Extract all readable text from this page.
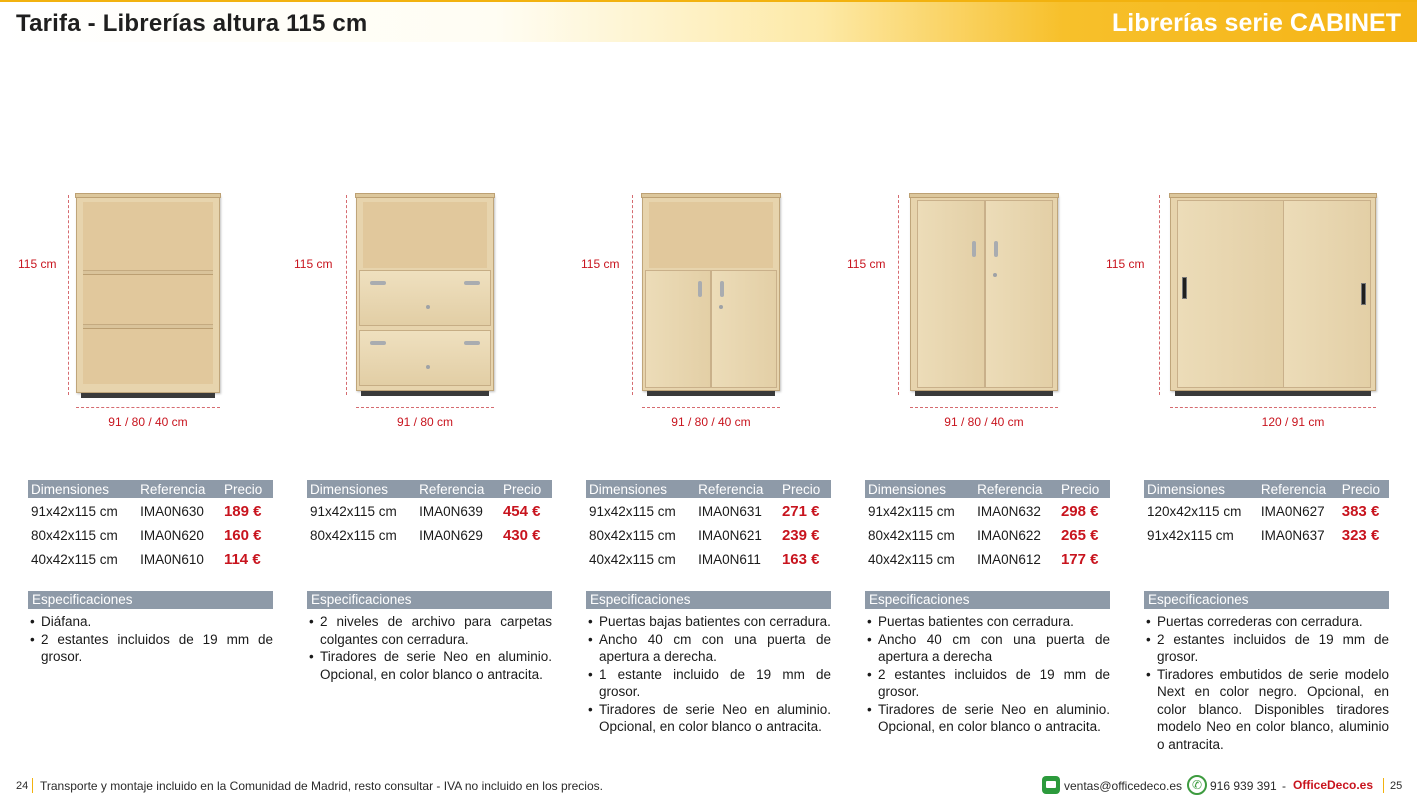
Tarifa - Librerías altura 115 cm	Librerías serie CABINET
115 cm
91 / 80 / 40 cm
Dimensiones	Referencia	Precio
91x42x115 cm	IMA0N630	189 €
80x42x115 cm	IMA0N620	160 €
40x42x115 cm	IMA0N610	114 €
Especificaciones
• Diáfana.
• 2 estantes incluidos de 19 mm de grosor.
115 cm
91 / 80 cm
Dimensiones	Referencia	Precio
91x42x115 cm	IMA0N639	454 €
80x42x115 cm	IMA0N629	430 €
Especificaciones
• 2 niveles de archivo para carpetas colgantes con cerradura.
• Tiradores de serie Neo en aluminio. Opcional, en color blanco o antracita.
115 cm
91 / 80 / 40 cm
Dimensiones	Referencia	Precio
91x42x115 cm	IMA0N631	271 €
80x42x115 cm	IMA0N621	239 €
40x42x115 cm	IMA0N611	163 €
Especificaciones
• Puertas bajas batientes con cerradura.
• Ancho 40 cm con una puerta de apertura a derecha.
• 1 estante incluido de 19 mm de grosor.
• Tiradores de serie Neo en aluminio. Opcional, en color blanco o antracita.
115 cm
91 / 80 / 40 cm
Dimensiones	Referencia	Precio
91x42x115 cm	IMA0N632	298 €
80x42x115 cm	IMA0N622	265 €
40x42x115 cm	IMA0N612	177 €
Especificaciones
• Puertas batientes con cerradura.
• Ancho 40 cm con una puerta de apertura a derecha
• 2 estantes incluidos de 19 mm de grosor.
• Tiradores de serie Neo en aluminio. Opcional, en color blanco o antracita.
115 cm
120 / 91 cm
Dimensiones	Referencia	Precio
120x42x115 cm	IMA0N627	383 €
91x42x115 cm	IMA0N637	323 €
Especificaciones
• Puertas correderas con cerradura.
• 2 estantes incluidos de 19 mm de grosor.
• Tiradores embutidos de serie modelo Next en color negro. Opcional, en color blanco. Disponibles tiradores modelo Neo en color blanco, aluminio o antracita.
24 Transporte y montaje incluido en la Comunidad de Madrid, resto consultar - IVA no incluido en los precios.	ventas@officedeco.es ✆ 916 939 391 - OfficeDeco.es 25
